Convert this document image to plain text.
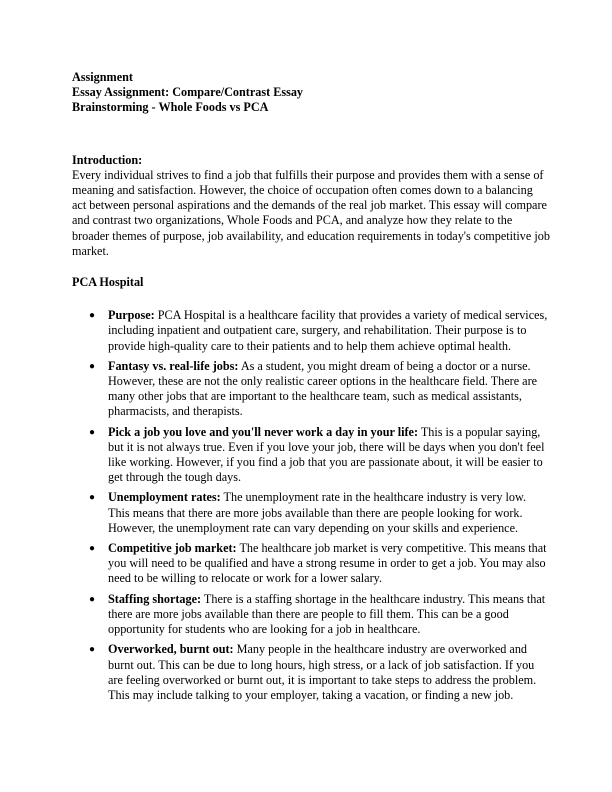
Assignment
Essay Assignment: Compare/Contrast Essay
Brainstorming - Whole Foods vs PCA
Introduction:

Every individual strives to find a job that fulfills their purpose and provides them with a sense of meaning and satisfaction. However, the choice of occupation often comes down to a balancing act between personal aspirations and the demands of the real job market. This essay will compare and contrast two organizations, Whole Foods and PCA, and analyze how they relate to the broader themes of purpose, job availability, and education requirements in today's competitive job market.

PCA Hospital
● Purpose: PCA Hospital is a healthcare facility that provides a variety of medical services, including inpatient and outpatient care, surgery, and rehabilitation. Their purpose is to provide high-quality care to their patients and to help them achieve optimal health.
● Fantasy vs. real-life jobs: As a student, you might dream of being a doctor or a nurse. However, these are not the only realistic career options in the healthcare field. There are many other jobs that are important to the healthcare team, such as medical assistants, pharmacists, and therapists.
● Pick a job you love and you'll never work a day in your life: This is a popular saying, but it is not always true. Even if you love your job, there will be days when you don't feel like working. However, if you find a job that you are passionate about, it will be easier to get through the tough days.
● Unemployment rates: The unemployment rate in the healthcare industry is very low. This means that there are more jobs available than there are people looking for work. However, the unemployment rate can vary depending on your skills and experience.
● Competitive job market: The healthcare job market is very competitive. This means that you will need to be qualified and have a strong resume in order to get a job. You may also need to be willing to relocate or work for a lower salary.
● Staffing shortage: There is a staffing shortage in the healthcare industry. This means that there are more jobs available than there are people to fill them. This can be a good opportunity for students who are looking for a job in healthcare.
● Overworked, burnt out: Many people in the healthcare industry are overworked and burnt out. This can be due to long hours, high stress, or a lack of job satisfaction. If you are feeling overworked or burnt out, it is important to take steps to address the problem. This may include talking to your employer, taking a vacation, or finding a new job.
